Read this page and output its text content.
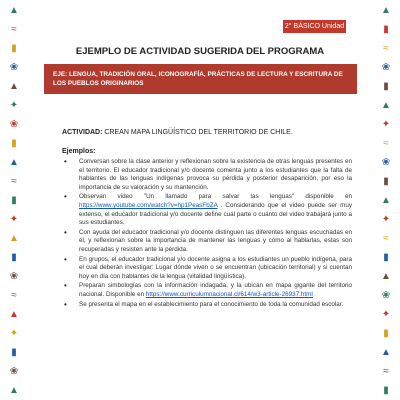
▲
≈
▮
❀
▲
✦
❀
▮
▲
≈
▮
✦
▲
▮
❀
≈
▲
✦
▮
❀
▲
▲
▮
≈
❀
▮
▲
✦
≈
❀
▮
▲
✦
≈
▮
▲
❀
✦
▮
▲
≈
▮
2° BÁSICO Unidad 2
EJEMPLO DE ACTIVIDAD SUGERIDA DEL PROGRAMA
EJE: LENGUA, TRADICIÓN ORAL, ICONOGRAFÍA, PRÁCTICAS DE LECTURA Y ESCRITURA DE LOS PUEBLOS ORIGINARIOS
ACTIVIDAD: CREAN MAPA LINGÜÍSTICO DEL TERRITORIO DE CHILE.
Ejemplos:
• Conversan sobre la clase anterior y reflexionan sobre la existencia de otras lenguas presentes en el territorio. El educador tradicional y/o docente comenta junto a los estudiantes que la falta de hablantes de las lenguas indígenas provoca su pérdida y posterior desaparición, por eso la importancia de su valoración y su mantención.
• Observan video "Un llamado para salvar las lenguas" disponible en https://www.youtube.com/watch?v=hp1PeasFbZA . Considerando que el video puede ser muy extenso, el educador tradicional y/o docente define cuál parte o cuánto del video trabajará junto a sus estudiantes.
• Con ayuda del educador tradicional y/o docente distinguen las diferentes lenguas escuchadas en él, y reflexionan sobre la importancia de mantener las lenguas y cómo al hablarlas, estas son recuperadas y resisten ante la pérdida.
• En grupos, el educador tradicional y/o docente asigna a los estudiantes un pueblo indígena, para el cual deberán investigar: Lugar dónde viven o se encuentran (ubicación territorial) y si cuentan hoy en día con hablantes de la lengua (vitalidad lingüística).
• Preparan simbologías con la información indagada, y la ubican en mapa gigante del territorio nacional. Disponible en https://www.curriculumnacional.cl/614/w3-article-26937.html
• Se presenta el mapa en el establecimiento para el conocimiento de toda la comunidad escolar.
